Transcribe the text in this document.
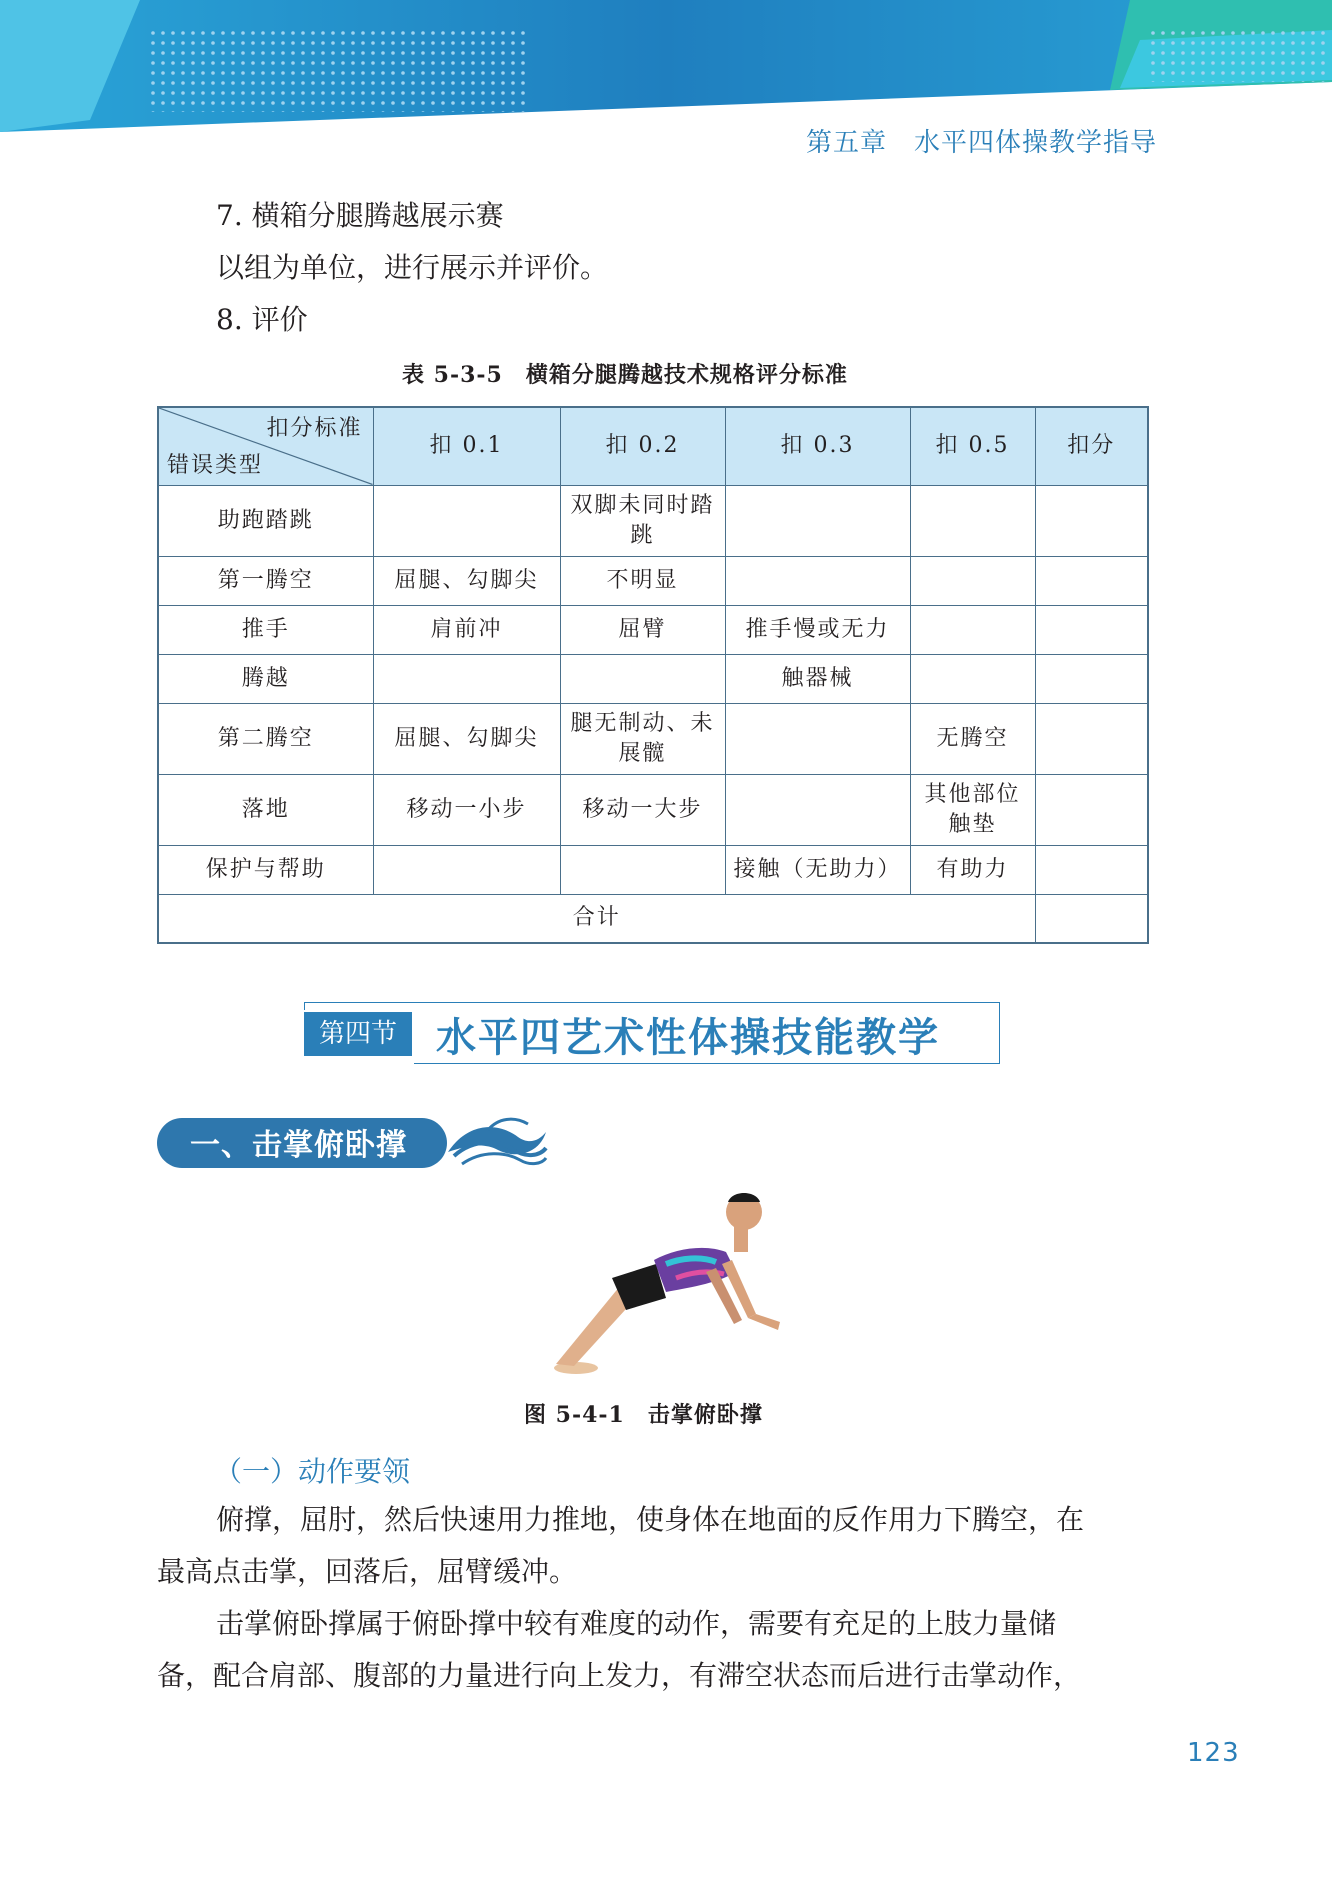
第五章　水平四体操教学指导
7. 横箱分腿腾越展示赛
以组为单位，进行展示并评价。
8. 评价
表 5-3-5　横箱分腿腾越技术规格评分标准
扣分标准
错误类型	扣 0.1	扣 0.2	扣 0.3	扣 0.5	扣分
助跑踏跳		双脚未同时踏跳			
第一腾空	屈腿、勾脚尖	不明显			
推手	肩前冲	屈臂	推手慢或无力		
腾越			触器械		
第二腾空	屈腿、勾脚尖	腿无制动、未展髋		无腾空	
落地	移动一小步	移动一大步		其他部位触垫	
保护与帮助			接触（无助力）	有助力	
合计					
第四节 水平四艺术性体操技能教学
一、击掌俯卧撑
图 5-4-1　击掌俯卧撑
（一）动作要领
俯撑，屈肘，然后快速用力推地，使身体在地面的反作用力下腾空，在
最高点击掌，回落后，屈臂缓冲。
击掌俯卧撑属于俯卧撑中较有难度的动作，需要有充足的上肢力量储
备，配合肩部、腹部的力量进行向上发力，有滞空状态而后进行击掌动作，
123
